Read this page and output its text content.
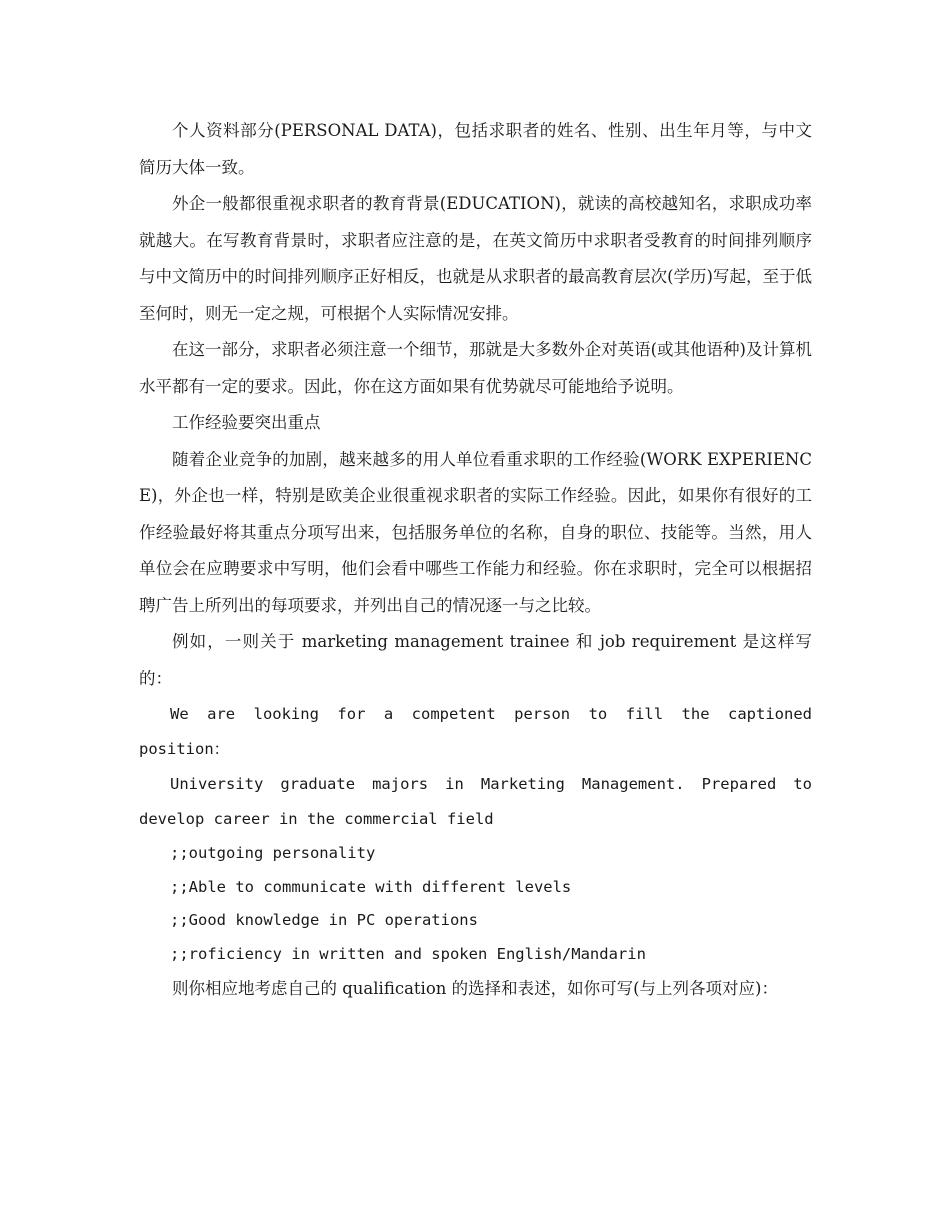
个人资料部分(PERSONAL DATA)，包括求职者的姓名、性别、出生年月等，与中文简历大体一致。

外企一般都很重视求职者的教育背景(EDUCATION)，就读的高校越知名，求职成功率就越大。在写教育背景时，求职者应注意的是，在英文简历中求职者受教育的时间排列顺序与中文简历中的时间排列顺序正好相反，也就是从求职者的最高教育层次(学历)写起，至于低至何时，则无一定之规，可根据个人实际情况安排。

在这一部分，求职者必须注意一个细节，那就是大多数外企对英语(或其他语种)及计算机水平都有一定的要求。因此，你在这方面如果有优势就尽可能地给予说明。

工作经验要突出重点

随着企业竞争的加剧，越来越多的用人单位看重求职的工作经验(WORK EXPERIENCE)，外企也一样，特别是欧美企业很重视求职者的实际工作经验。因此，如果你有很好的工作经验最好将其重点分项写出来，包括服务单位的名称，自身的职位、技能等。当然，用人单位会在应聘要求中写明，他们会看中哪些工作能力和经验。你在求职时，完全可以根据招聘广告上所列出的每项要求，并列出自己的情况逐一与之比较。

例如，一则关于 marketing management trainee 和 job requirement 是这样写的：

We are looking for a competent person to fill the captioned position：

University graduate majors in Marketing Management. Prepared to develop career in the commercial field

;;outgoing personality

;;Able to communicate with different levels

;;Good knowledge in PC operations

;;roficiency in written and spoken English/Mandarin

则你相应地考虑自己的 qualification 的选择和表述，如你可写(与上列各项对应)：
